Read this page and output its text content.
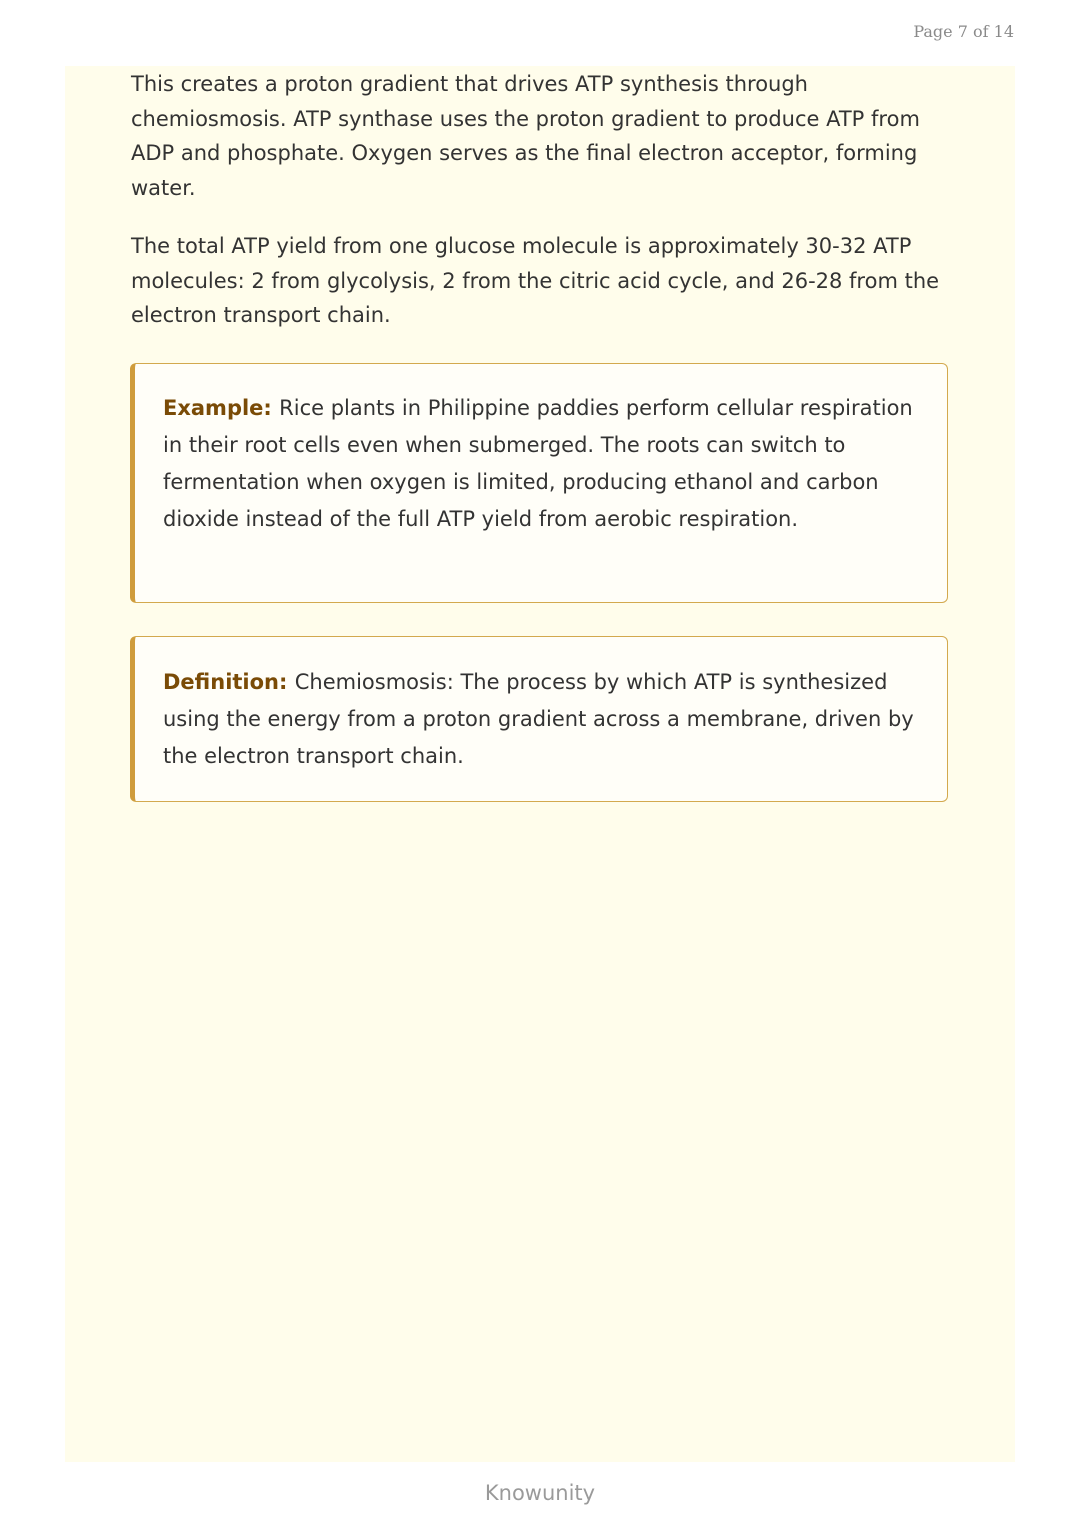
Page 7 of 14

This creates a proton gradient that drives ATP synthesis through chemiosmosis. ATP synthase uses the proton gradient to produce ATP from ADP and phosphate. Oxygen serves as the final electron acceptor, forming water.

The total ATP yield from one glucose molecule is approximately 30-32 ATP molecules: 2 from glycolysis, 2 from the citric acid cycle, and 26-28 from the electron transport chain.

Example: Rice plants in Philippine paddies perform cellular respiration in their root cells even when submerged. The roots can switch to fermentation when oxygen is limited, producing ethanol and carbon dioxide instead of the full ATP yield from aerobic respiration.
Definition: Chemiosmosis: The process by which ATP is synthesized using the energy from a proton gradient across a membrane, driven by the electron transport chain.
Knowunity
